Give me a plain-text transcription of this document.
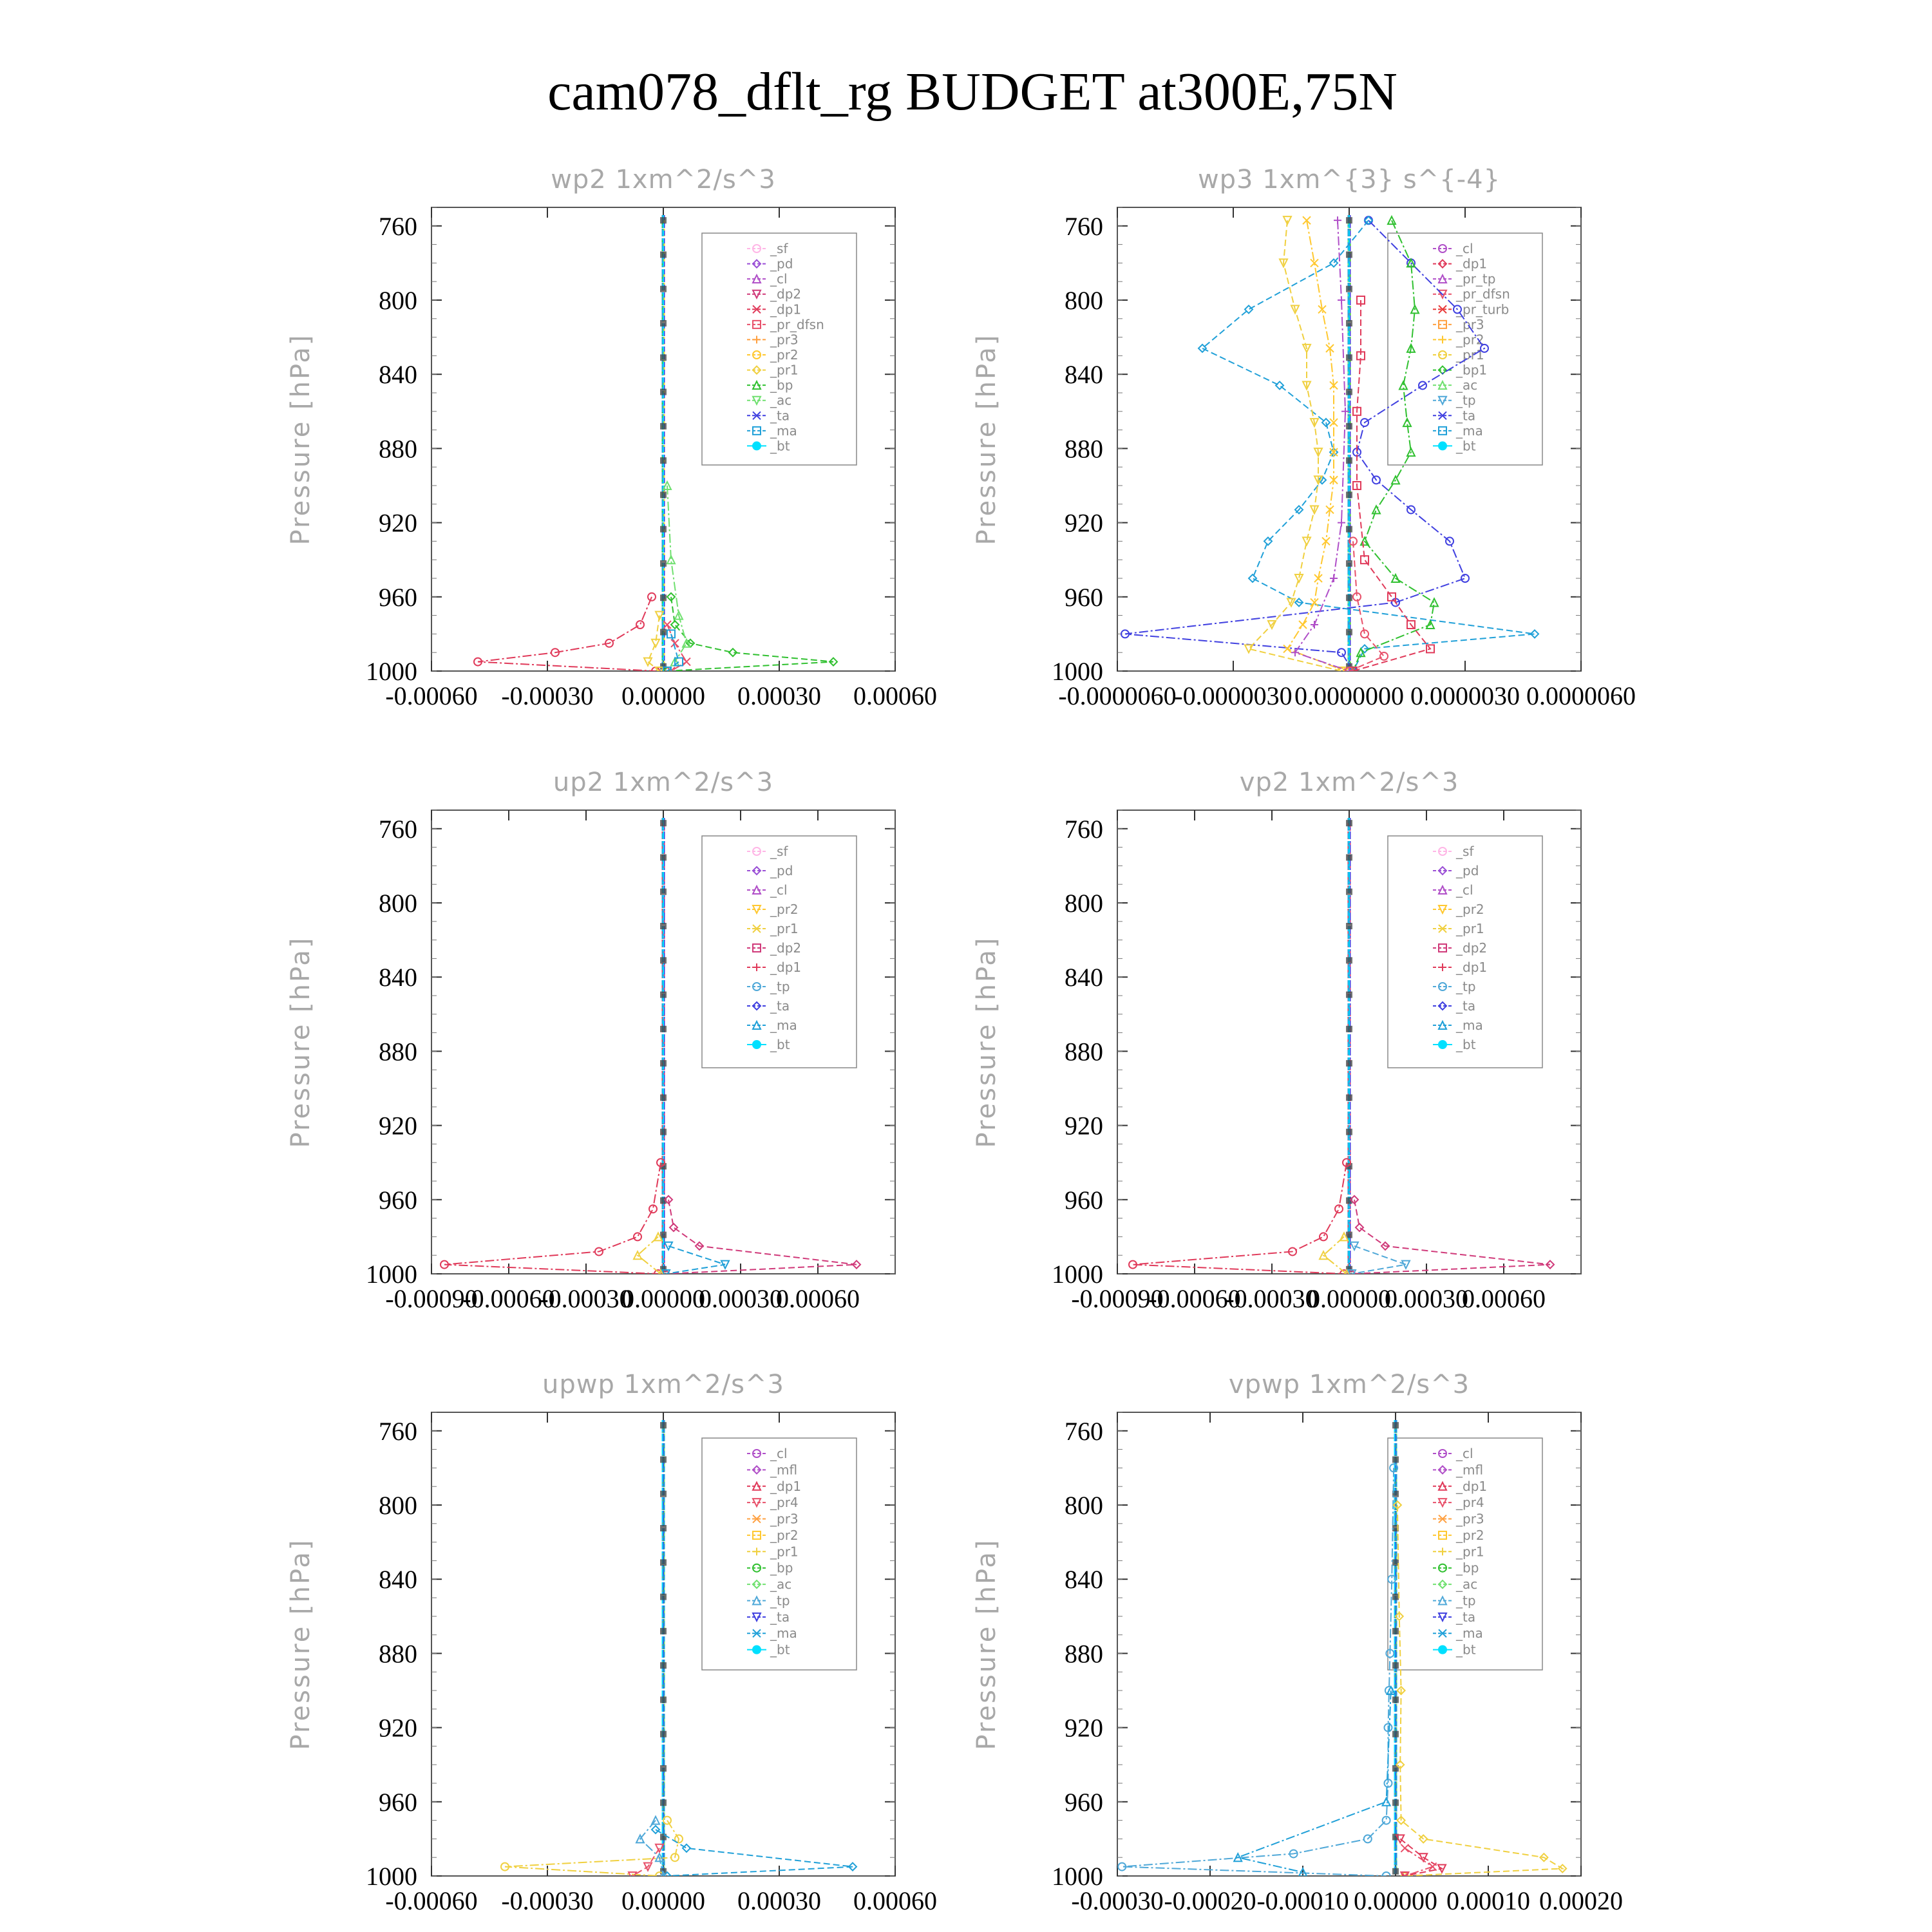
cam078_dflt_rg BUDGET at300E,75N
wp2 1xm^2/s^3
Pressure [hPa]
760
800
840
880
920
960
1000
-0.00060 -0.00030 0.00000 0.00030 0.00060
_sf
_pd
_cl
_dp2
_dp1
_pr_dfsn
_pr3
_pr2
_pr1
_bp
_ac
_ta
_ma
_bt
wp3 1xm^{3} s^{-4}
Pressure [hPa]
760
800
840
880
920
960
1000
-0.0000060
-0.0000030 0.0000000 0.0000030 0.0000060
_cl
_dp1
_pr_tp
_pr_dfsn
_pr_turb
_pr3
_pr2
_pr1
_bp1
_ac
_tp
_ta
_ma
_bt
up2 1xm^2/s^3
Pressure [hPa]
760
800
840
880
920
960
1000
-0.00090
-0.00060
-0.00030
0.00000
0.00030
0.00060
_sf
_pd
_cl
_pr2
_pr1
_dp2
_dp1
_tp
_ta
_ma
_bt
vp2 1xm^2/s^3
Pressure [hPa]
760
800
840
880
920
960
1000
-0.00090
-0.00060
-0.00030
0.00000
0.00030
0.00060
_sf
_pd
_cl
_pr2
_pr1
_dp2
_dp1
_tp
_ta
_ma
_bt
upwp 1xm^2/s^3
Pressure [hPa]
760
800
840
880
920
960
1000
-0.00060 -0.00030 0.00000 0.00030 0.00060
_cl
_mfl
_dp1
_pr4
_pr3
_pr2
_pr1
_bp
_ac
_tp
_ta
_ma
_bt
vpwp 1xm^2/s^3
Pressure [hPa]
760
800
840
880
920
960
1000
-0.00030 -0.00020 -0.00010 0.00000 0.00010 0.00020
_cl
_mfl
_dp1
_pr4
_pr3
_pr2
_pr1
_bp
_ac
_tp
_ta
_ma
_bt
